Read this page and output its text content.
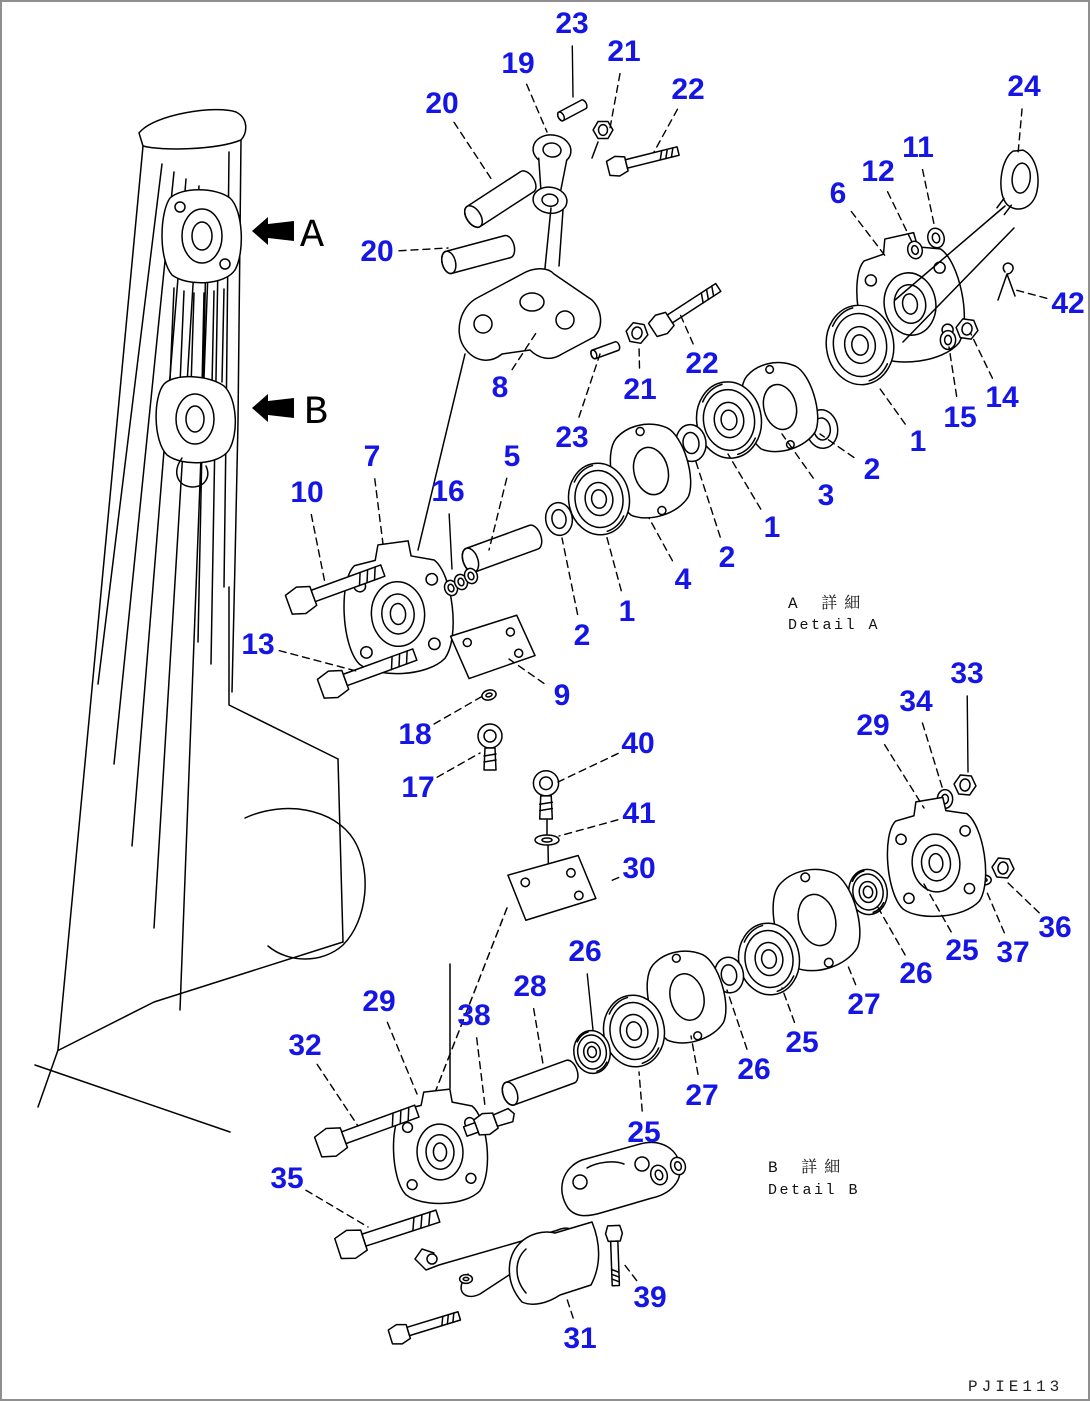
23
19 21
22
20
24
11
12
6
20
42
8
22
21
23
14
15
7	5
16
10
1
2
3
1
2
4
13	2
1
9
18	40
17
41
30
33
34
29
36
37
25
26
27
26
25
26
27
25
28
38
29
32
35
39
31
A
B
A 詳細
Detail A
B 詳細
Detail B
PJIE113
